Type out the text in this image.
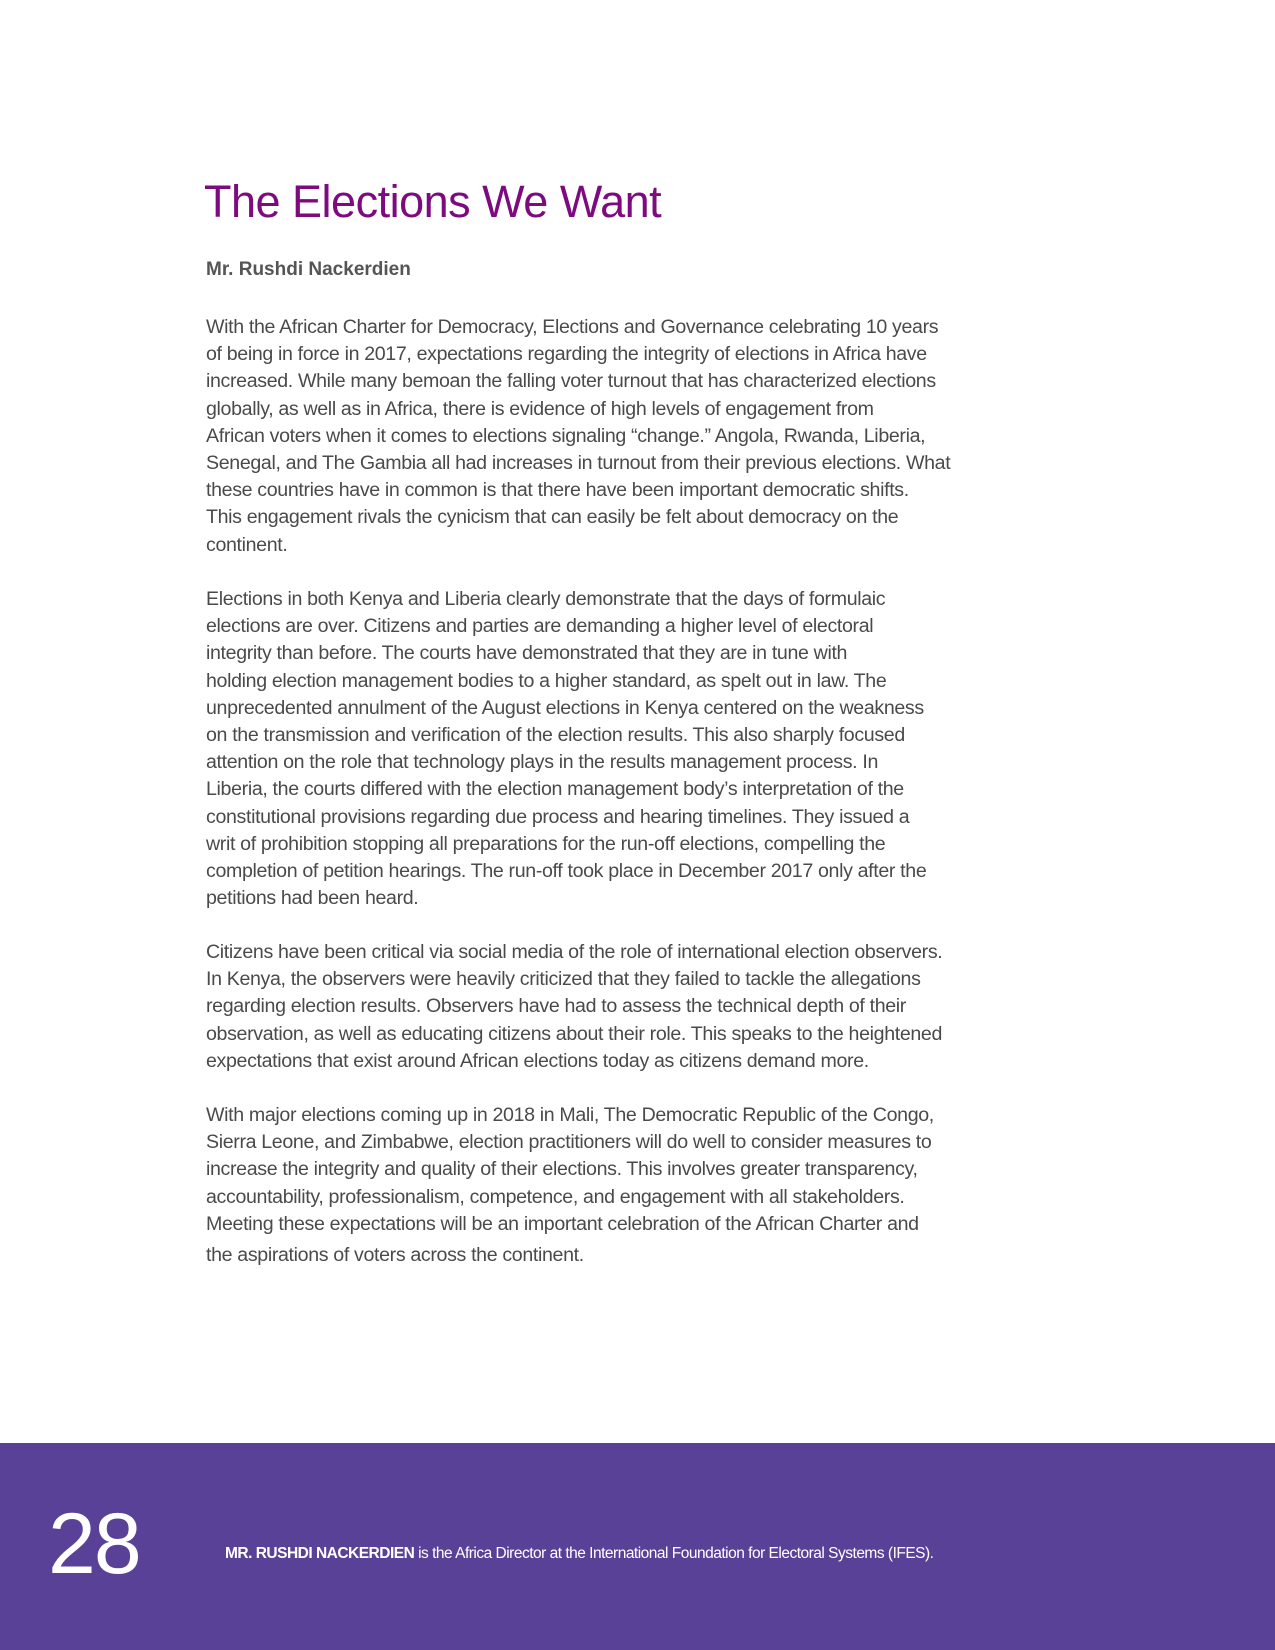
The Elections We Want

Mr. Rushdi Nackerdien

With the African Charter for Democracy, Elections and Governance celebrating 10 years
of being in force in 2017, expectations regarding the integrity of elections in Africa have
increased. While many bemoan the falling voter turnout that has characterized elections
globally, as well as in Africa, there is evidence of high levels of engagement from
African voters when it comes to elections signaling “change.” Angola, Rwanda, Liberia,
Senegal, and The Gambia all had increases in turnout from their previous elections. What
these countries have in common is that there have been important democratic shifts.
This engagement rivals the cynicism that can easily be felt about democracy on the
continent.
Elections in both Kenya and Liberia clearly demonstrate that the days of formulaic
elections are over. Citizens and parties are demanding a higher level of electoral
integrity than before. The courts have demonstrated that they are in tune with
holding election management bodies to a higher standard, as spelt out in law. The
unprecedented annulment of the August elections in Kenya centered on the weakness
on the transmission and verification of the election results. This also sharply focused
attention on the role that technology plays in the results management process. In
Liberia, the courts differed with the election management body’s interpretation of the
constitutional provisions regarding due process and hearing timelines. They issued a
writ of prohibition stopping all preparations for the run-off elections, compelling the
completion of petition hearings. The run-off took place in December 2017 only after the
petitions had been heard.
Citizens have been critical via social media of the role of international election observers.
In Kenya, the observers were heavily criticized that they failed to tackle the allegations
regarding election results. Observers have had to assess the technical depth of their
observation, as well as educating citizens about their role. This speaks to the heightened
expectations that exist around African elections today as citizens demand more.
With major elections coming up in 2018 in Mali, The Democratic Republic of the Congo,
Sierra Leone, and Zimbabwe, election practitioners will do well to consider measures to
increase the integrity and quality of their elections. This involves greater transparency,
accountability, professionalism, competence, and engagement with all stakeholders.
Meeting these expectations will be an important celebration of the African Charter and
the aspirations of voters across the continent.
28	MR. RUSHDI NACKERDIEN is the Africa Director at the International Foundation for Electoral Systems (IFES).
